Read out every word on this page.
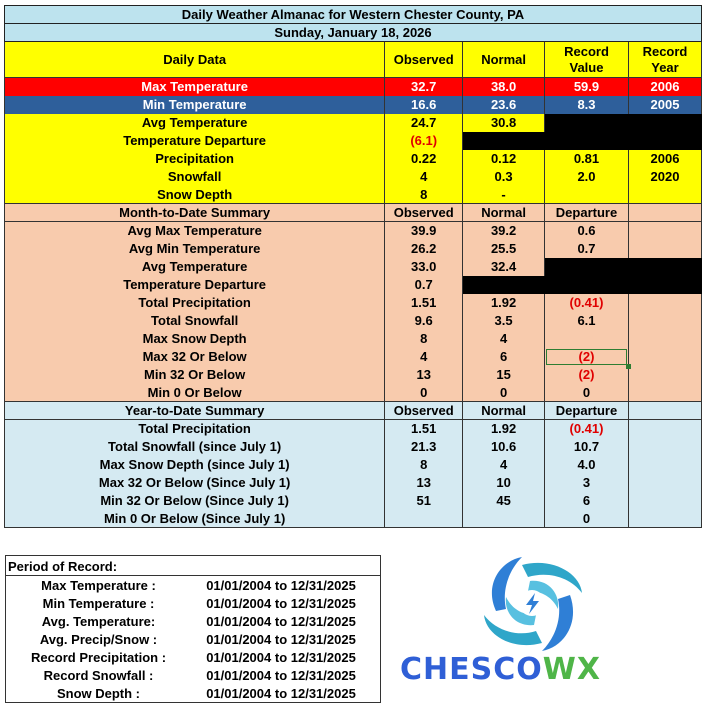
Daily Weather Almanac for Western Chester County, PA				
Sunday, January 18, 2026				
Daily Data	Observed	Normal	Record Value	Record Year
Max Temperature	32.7	38.0	59.9	2006
Min Temperature	16.6	23.6	8.3	2005
Avg Temperature	24.7	30.8		
Temperature Departure	(6.1)			
Precipitation	0.22	0.12	0.81	2006
Snowfall	4	0.3	2.0	2020
Snow Depth	8	-		
Month-to-Date Summary	Observed	Normal	Departure	
Avg Max Temperature	39.9	39.2	0.6	
Avg Min Temperature	26.2	25.5	0.7	
Avg Temperature	33.0	32.4		
Temperature Departure	0.7			
Total Precipitation	1.51	1.92	(0.41)	
Total Snowfall	9.6	3.5	6.1	
Max Snow Depth	8	4		
Max 32 Or Below	4	6	(2)

Min 32 Or Below	13	15	(2)	
Min 0 Or Below	0	0	0	
Year-to-Date Summary	Observed	Normal	Departure	
Total Precipitation	1.51	1.92	(0.41)	
Total Snowfall (since July 1)	21.3	10.6	10.7	
Max Snow Depth (since July 1)	8	4	4.0	
Max 32 Or Below (Since July 1)	13	10	3	
Min 32 Or Below (Since July 1)	51	45	6	
Min 0 Or Below (Since July 1)			0	
Period of Record:
Max Temperature :	01/01/2004 to 12/31/2025
Min Temperature :	01/01/2004 to 12/31/2025
Avg. Temperature:	01/01/2004 to 12/31/2025
Avg. Precip/Snow :	01/01/2004 to 12/31/2025
Record Precipitation :	01/01/2004 to 12/31/2025
Record Snowfall :	01/01/2004 to 12/31/2025
Snow Depth :	01/01/2004 to 12/31/2025
CHESCOWX
